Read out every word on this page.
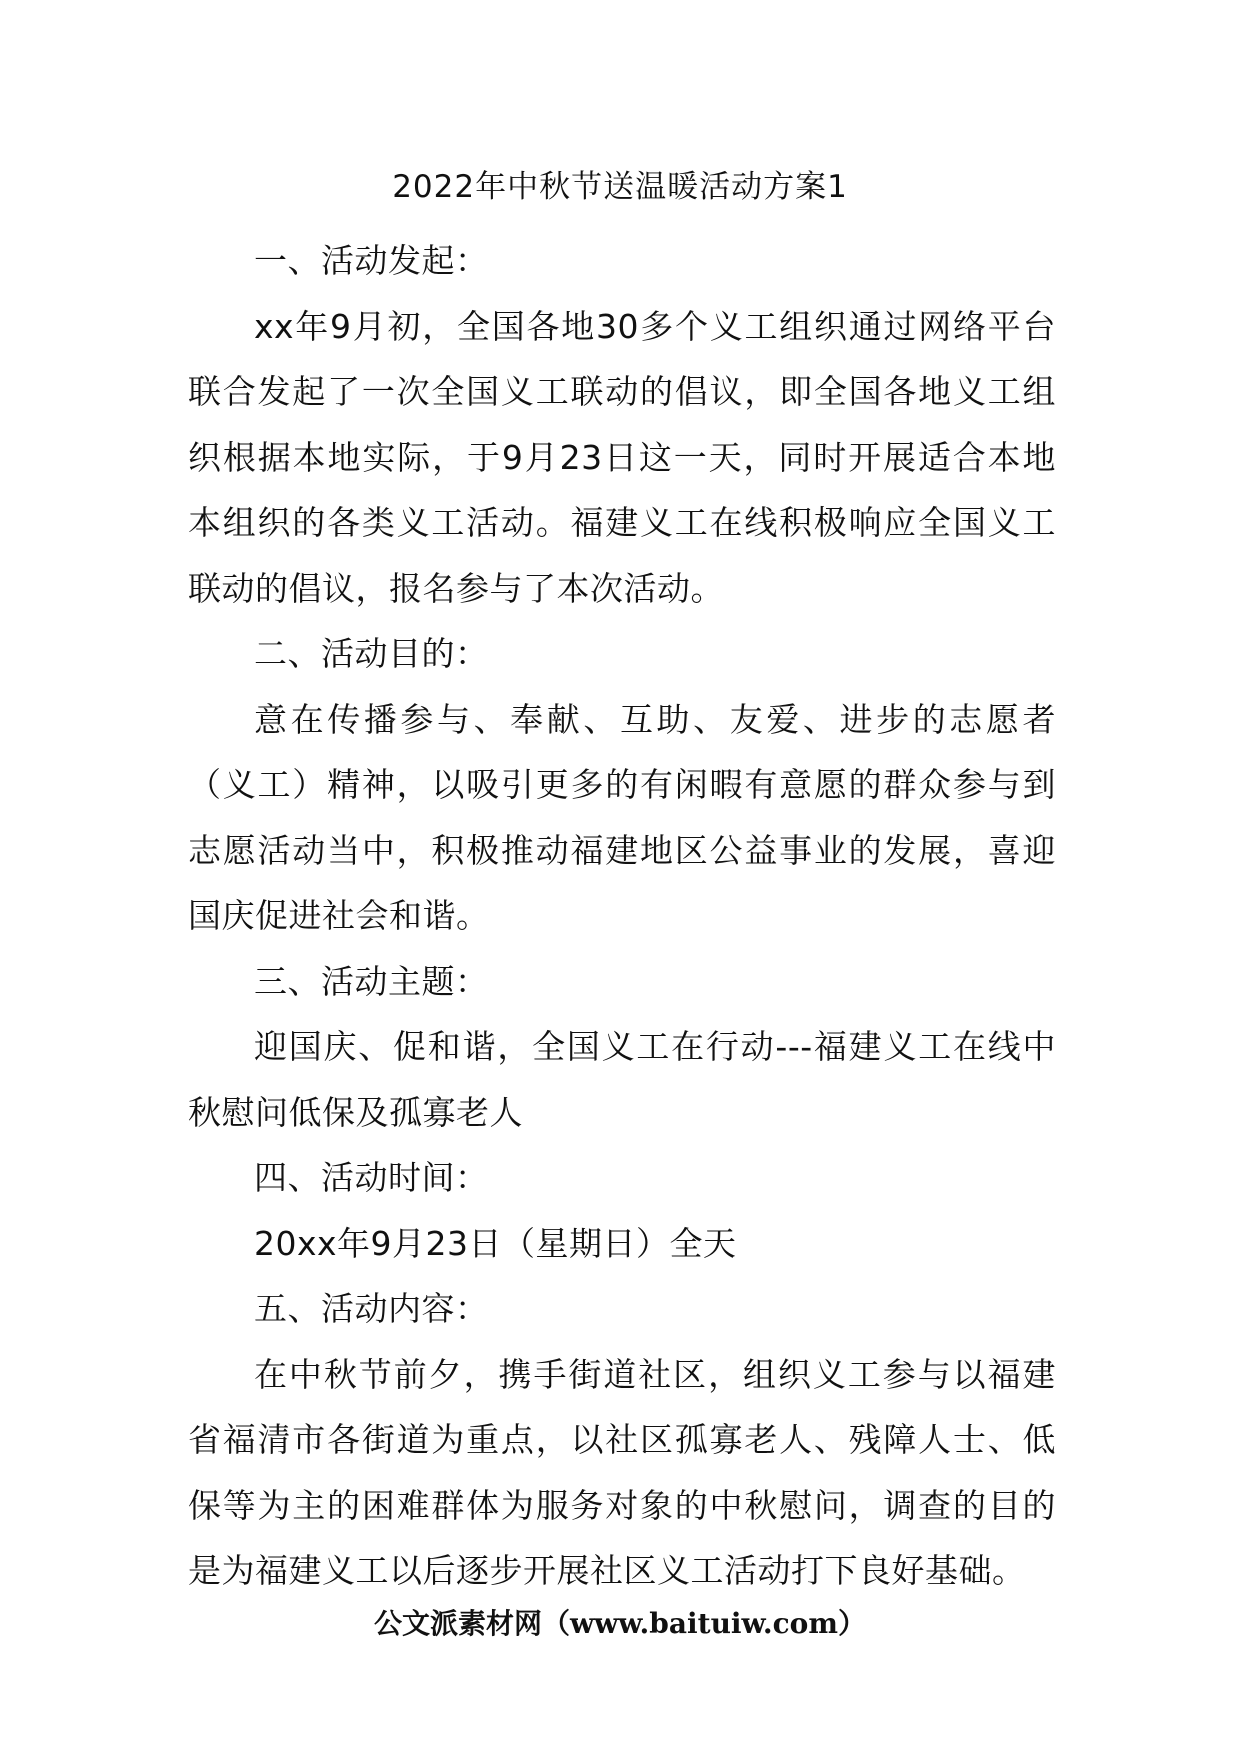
2022年中秋节送温暖活动方案1

一、活动发起：

xx年9月初，全国各地30多个义工组织通过网络平台联合发起了一次全国义工联动的倡议，即全国各地义工组织根据本地实际，于9月23日这一天，同时开展适合本地本组织的各类义工活动。福建义工在线积极响应全国义工联动的倡议，报名参与了本次活动。

二、活动目的：

意在传播参与、奉献、互助、友爱、进步的志愿者（义工）精神，以吸引更多的有闲暇有意愿的群众参与到志愿活动当中，积极推动福建地区公益事业的发展，喜迎国庆促进社会和谐。

三、活动主题：

迎国庆、促和谐，全国义工在行动---福建义工在线中秋慰问低保及孤寡老人

四、活动时间：

20xx年9月23日（星期日）全天

五、活动内容：

在中秋节前夕，携手街道社区，组织义工参与以福建省福清市各街道为重点，以社区孤寡老人、残障人士、低保等为主的困难群体为服务对象的中秋慰问，调查的目的是为福建义工以后逐步开展社区义工活动打下良好基础。

公文派素材网（www.baituiw.com）
